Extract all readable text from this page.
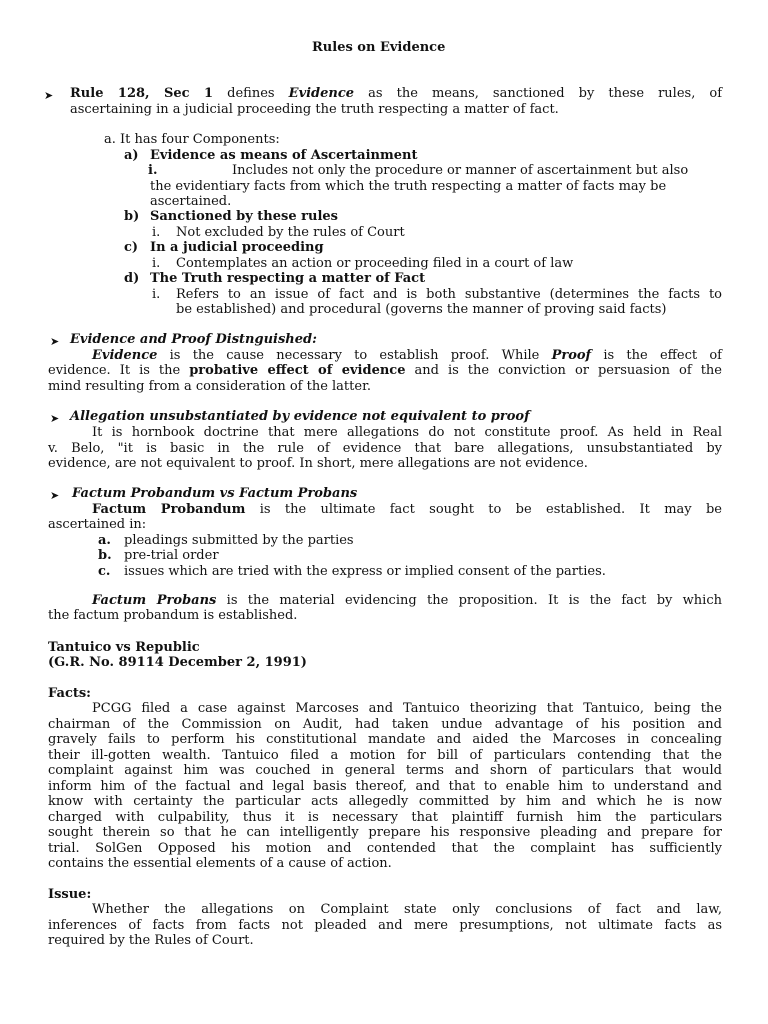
Rules on Evidence
➤ Rule 128, Sec 1 defines Evidence as the means, sanctioned by these rules, of
ascertaining in a judicial proceeding the truth respecting a matter of fact.
a. It has four Components:
a) Evidence as means of Ascertainment
i.	Includes not only the procedure or manner of ascertainment but also
the evidentiary facts from which the truth respecting a matter of facts may be
ascertained.
b) Sanctioned by these rules
i. Not excluded by the rules of Court
c) In a judicial proceeding
i. Contemplates an action or proceeding filed in a court of law
d) The Truth respecting a matter of Fact
i. Refers to an issue of fact and is both substantive (determines the facts to
be established) and procedural (governs the manner of proving said facts)
➤ Evidence and Proof Distnguished:
Evidence is the cause necessary to establish proof. While Proof is the effect of
evidence. It is the probative effect of evidence and is the conviction or persuasion of the
mind resulting from a consideration of the latter.
➤ Allegation unsubstantiated by evidence not equivalent to proof
It is hornbook doctrine that mere allegations do not constitute proof. As held in Real
v. Belo, "it is basic in the rule of evidence that bare allegations, unsubstantiated by
evidence, are not equivalent to proof. In short, mere allegations are not evidence.
➤ Factum Probandum vs Factum Probans
Factum Probandum is the ultimate fact sought to be established. It may be
ascertained in:
a. pleadings submitted by the parties
b. pre-trial order
c. issues which are tried with the express or implied consent of the parties.
Factum Probans is the material evidencing the proposition. It is the fact by which
the factum probandum is established.
Tantuico vs Republic
(G.R. No. 89114 December 2, 1991)
Facts:
PCGG filed a case against Marcoses and Tantuico theorizing that Tantuico, being the
chairman of the Commission on Audit, had taken undue advantage of his position and
gravely fails to perform his constitutional mandate and aided the Marcoses in concealing
their ill-gotten wealth. Tantuico filed a motion for bill of particulars contending that the
complaint against him was couched in general terms and shorn of particulars that would
inform him of the factual and legal basis thereof, and that to enable him to understand and
know with certainty the particular acts allegedly committed by him and which he is now
charged with culpability, thus it is necessary that plaintiff furnish him the particulars
sought therein so that he can intelligently prepare his responsive pleading and prepare for
trial. SolGen Opposed his motion and contended that the complaint has sufficiently
contains the essential elements of a cause of action.
Issue:
Whether the allegations on Complaint state only conclusions of fact and law,
inferences of facts from facts not pleaded and mere presumptions, not ultimate facts as
required by the Rules of Court.
